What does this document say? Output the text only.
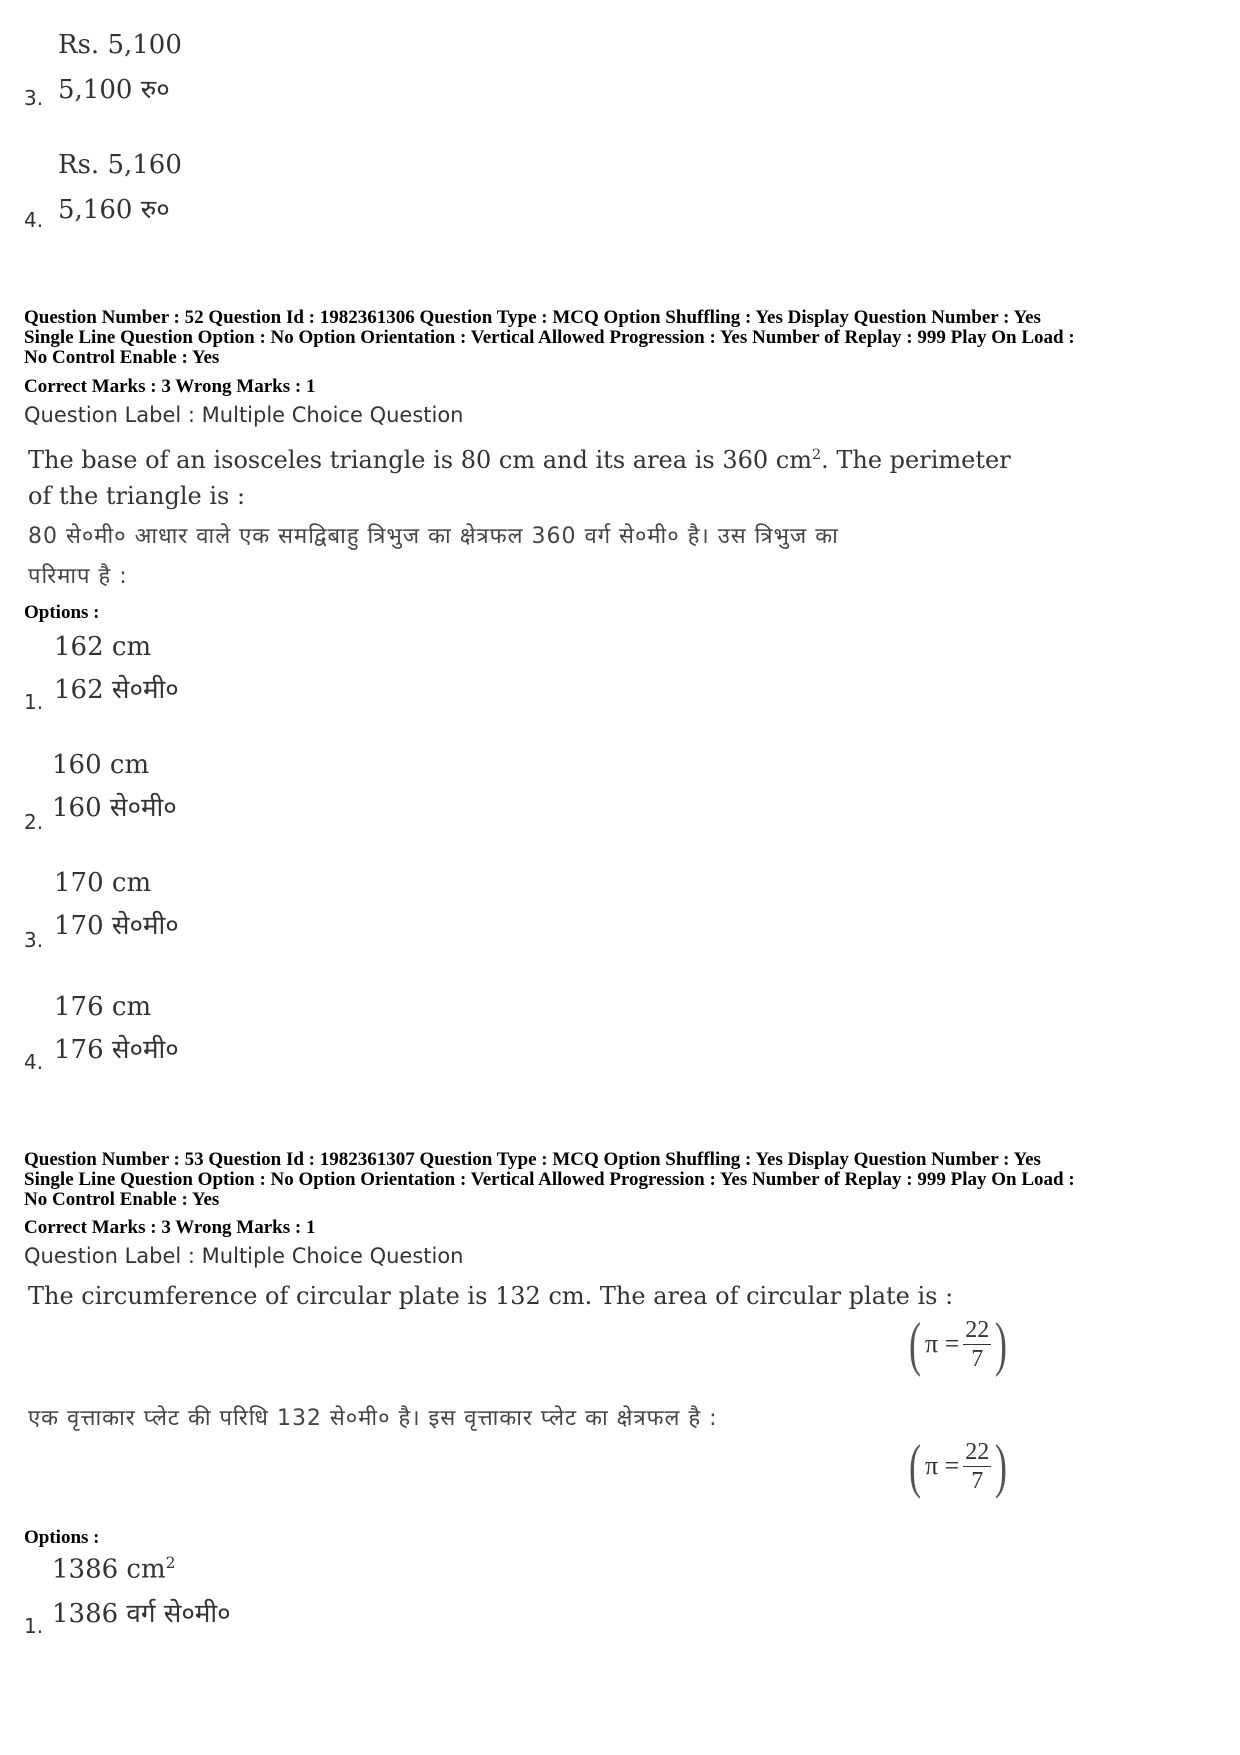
Rs. 5,100
5,100 रु०
3.
Rs. 5,160
5,160 रु०
4.
Question Number : 52 Question Id : 1982361306 Question Type : MCQ Option Shuffling : Yes Display Question Number : Yes
Single Line Question Option : No Option Orientation : Vertical Allowed Progression : Yes Number of Replay : 999 Play On Load :
No Control Enable : Yes
Correct Marks : 3 Wrong Marks : 1
Question Label : Multiple Choice Question
The base of an isosceles triangle is 80 cm and its area is 360 $cm^2$. The perimeter
of the triangle is :
80 से०मी० आधार वाले एक समद्विबाहु त्रिभुज का क्षेत्रफल 360 वर्ग से०मी० है। उस त्रिभुज का
परिमाप है :
Options :
162 cm
162 से०मी०
1.
160 cm
160 से०मी०
2.
170 cm
170 से०मी०
3.
176 cm
176 से०मी०
4.
Question Number : 53 Question Id : 1982361307 Question Type : MCQ Option Shuffling : Yes Display Question Number : Yes
Single Line Question Option : No Option Orientation : Vertical Allowed Progression : Yes Number of Replay : 999 Play On Load :
No Control Enable : Yes
Correct Marks : 3 Wrong Marks : 1
Question Label : Multiple Choice Question
The circumference of circular plate is 132 cm. The area of circular plate is :
( $\pi = \frac{22}{7}$ )
एक वृत्ताकार प्लेट की परिधि 132 से०मी० है। इस वृत्ताकार प्लेट का क्षेत्रफल है :
( $\pi = \frac{22}{7}$ )
Options :
1386 $cm^2$
1386 वर्ग से०मी०
1.
